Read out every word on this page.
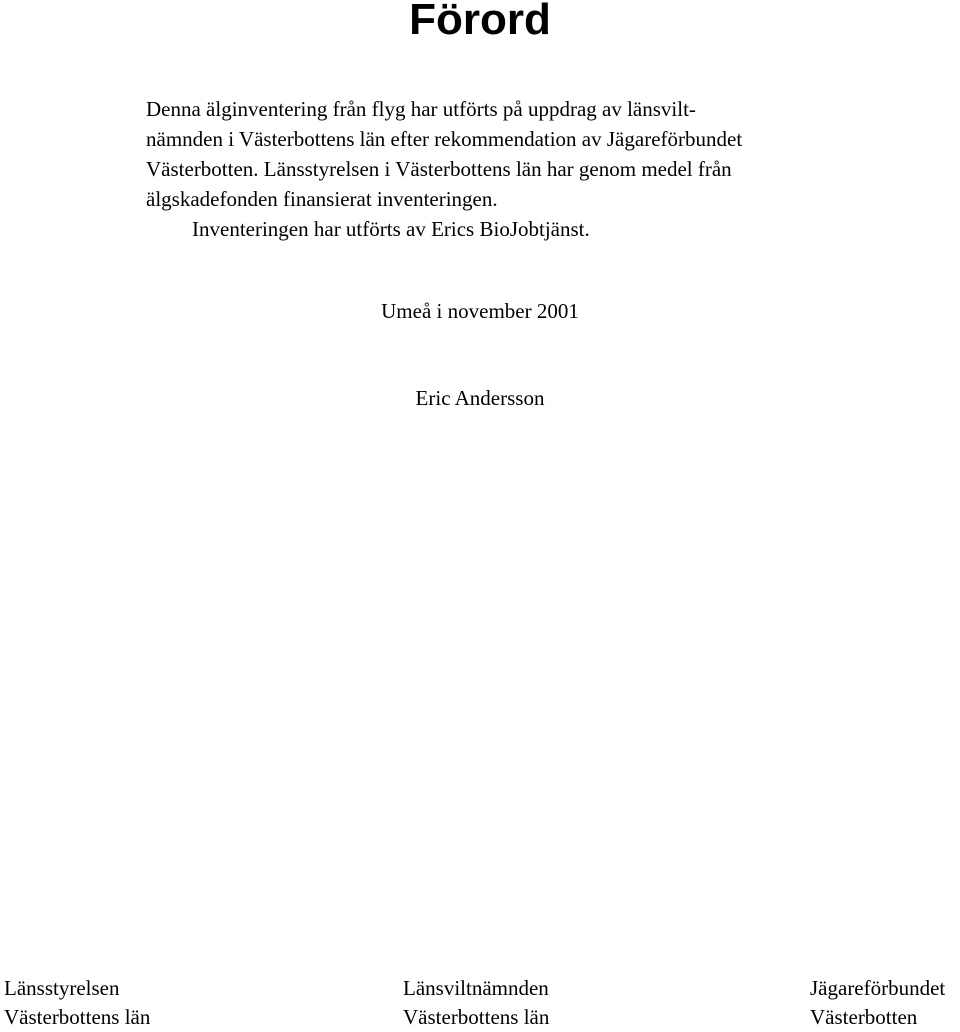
Förord
Denna älginventering från flyg har utförts på uppdrag av länsvilt-
nämnden i Västerbottens län efter rekommendation av Jägareförbundet
Västerbotten. Länsstyrelsen i Västerbottens län har genom medel från
älgskadefonden finansierat inventeringen.
Inventeringen har utförts av Erics BioJobtjänst.
Umeå i november 2001
Eric Andersson
Länsstyrelsen
Västerbottens län
Länsviltnämnden
Västerbottens län
Jägareförbundet
Västerbotten
